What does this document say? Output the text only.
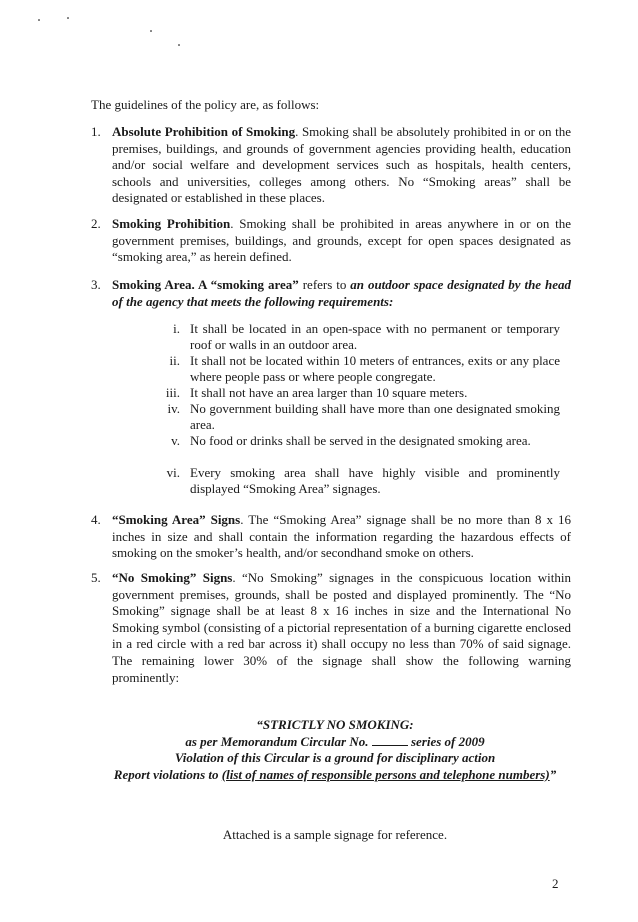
The guidelines of the policy are, as follows:
1. Absolute Prohibition of Smoking. Smoking shall be absolutely prohibited in or on the premises, buildings, and grounds of government agencies providing health, education and/or social welfare and development services such as hospitals, health centers, schools and universities, colleges among others. No “Smoking areas” shall be designated or established in these places.
2. Smoking Prohibition. Smoking shall be prohibited in areas anywhere in or on the government premises, buildings, and grounds, except for open spaces designated as “smoking area,” as herein defined.
3. Smoking Area. A “smoking area” refers to an outdoor space designated by the head of the agency that meets the following requirements:
i. It shall be located in an open-space with no permanent or temporary roof or walls in an outdoor area.
ii. It shall not be located within 10 meters of entrances, exits or any place where people pass or where people congregate.
iii. It shall not have an area larger than 10 square meters.
iv. No government building shall have more than one designated smoking area.
v. No food or drinks shall be served in the designated smoking area.
vi. Every smoking area shall have highly visible and prominently displayed “Smoking Area” signages.
4. “Smoking Area” Signs. The “Smoking Area” signage shall be no more than 8 x 16 inches in size and shall contain the information regarding the hazardous effects of smoking on the smoker’s health, and/or secondhand smoke on others.
5. “No Smoking” Signs. “No Smoking” signages in the conspicuous location within government premises, grounds, shall be posted and displayed prominently. The “No Smoking” signage shall be at least 8 x 16 inches in size and the International No Smoking symbol (consisting of a pictorial representation of a burning cigarette enclosed in a red circle with a red bar across it) shall occupy no less than 70% of said signage. The remaining lower 30% of the signage shall show the following warning prominently:
“STRICTLY NO SMOKING:
as per Memorandum Circular No.	series of 2009
Violation of this Circular is a ground for disciplinary action
Report violations to (list of names of responsible persons and telephone numbers)”
Attached is a sample signage for reference.
2
